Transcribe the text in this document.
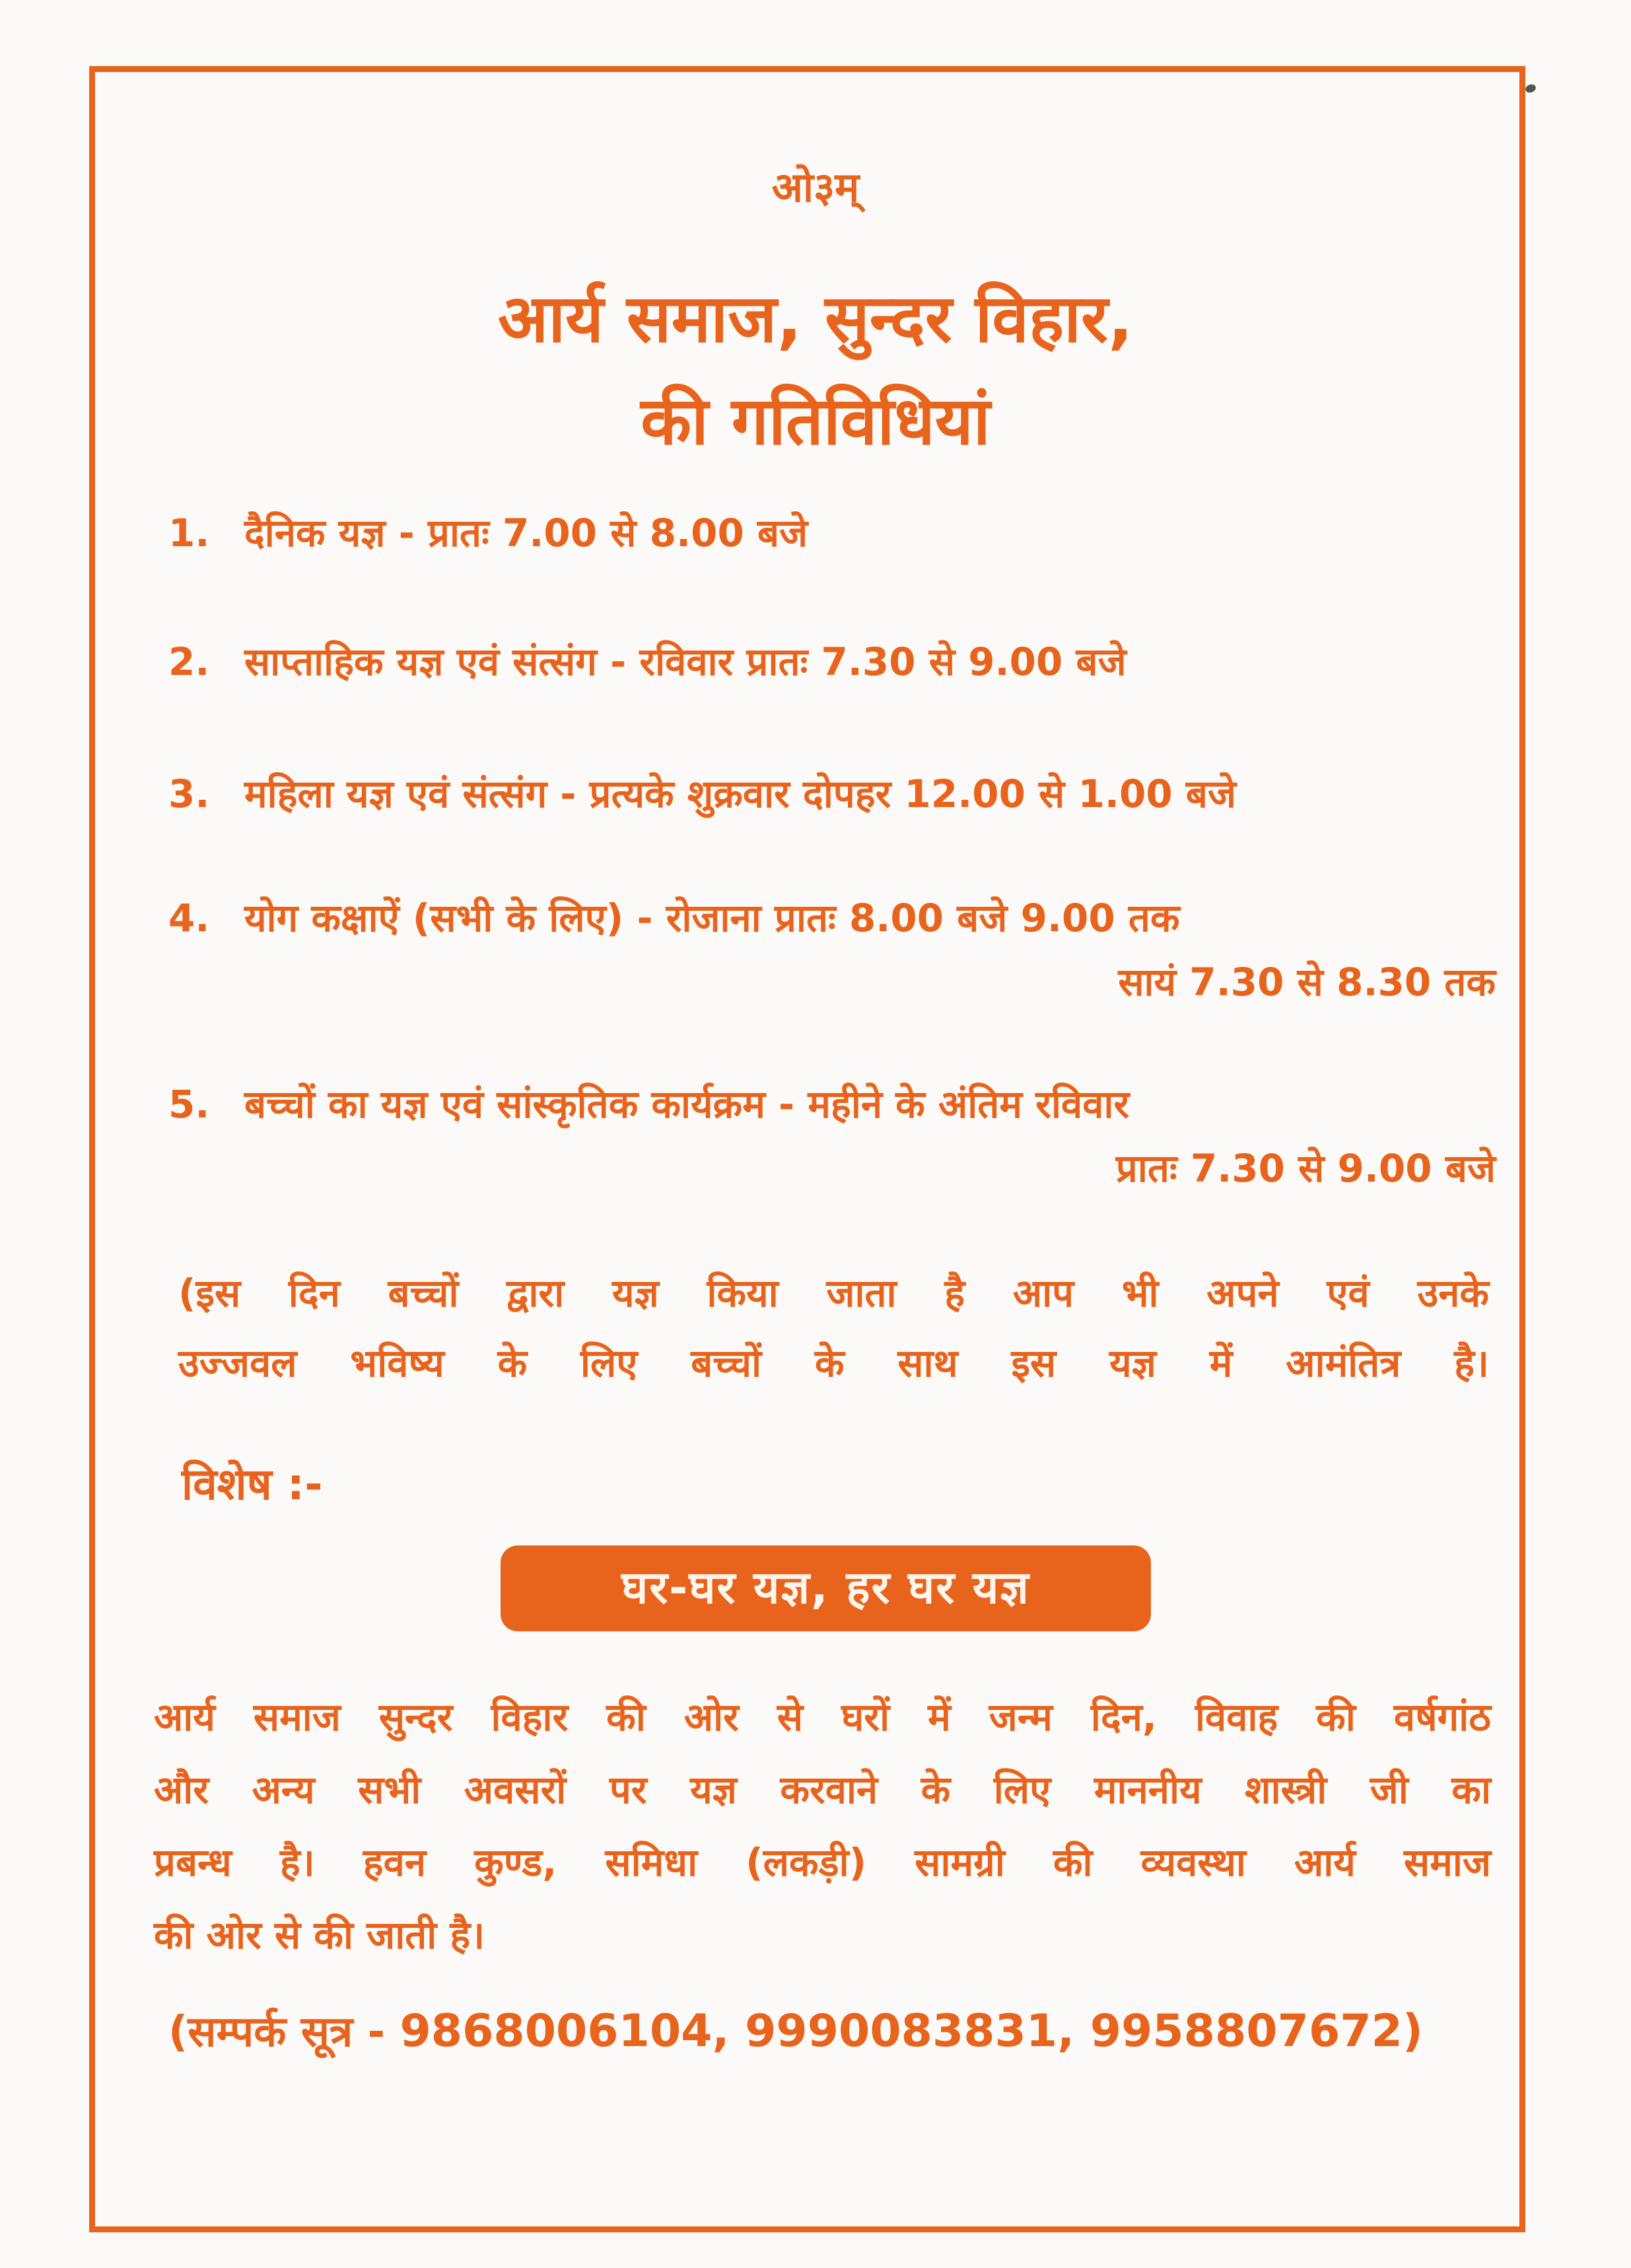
ओ३म्
आर्य समाज, सुन्दर विहार,
की गतिविधियां
1. दैनिक यज्ञ - प्रातः 7.00 से 8.00 बजे
2. साप्ताहिक यज्ञ एवं संत्संग - रविवार प्रातः 7.30 से 9.00 बजे
3. महिला यज्ञ एवं संत्संग - प्रत्यके शुक्रवार दोपहर 12.00 से 1.00 बजे
4. योग कक्षाऐं (सभी के लिए) - रोजाना प्रातः 8.00 बजे 9.00 तक
सायं 7.30 से 8.30 तक
5. बच्चों का यज्ञ एवं सांस्कृतिक कार्यक्रम - महीने के अंतिम रविवार
प्रातः 7.30 से 9.00 बजे
(इस दिन बच्चों द्वारा यज्ञ किया जाता है आप भी अपने एवं उनके
उज्जवल भविष्य के लिए बच्चों के साथ इस यज्ञ में आमंतित्र है।
विशेष :-
घर-घर यज्ञ, हर घर यज्ञ
आर्य समाज सुन्दर विहार की ओर से घरों में जन्म दिन, विवाह की वर्षगांठ
और अन्य सभी अवसरों पर यज्ञ करवाने के लिए माननीय शास्त्री जी का
प्रबन्ध है। हवन कुण्ड, समिधा (लकड़ी) सामग्री की व्यवस्था आर्य समाज
की ओर से की जाती है।
(सम्पर्क सूत्र - 9868006104, 9990083831, 9958807672)
